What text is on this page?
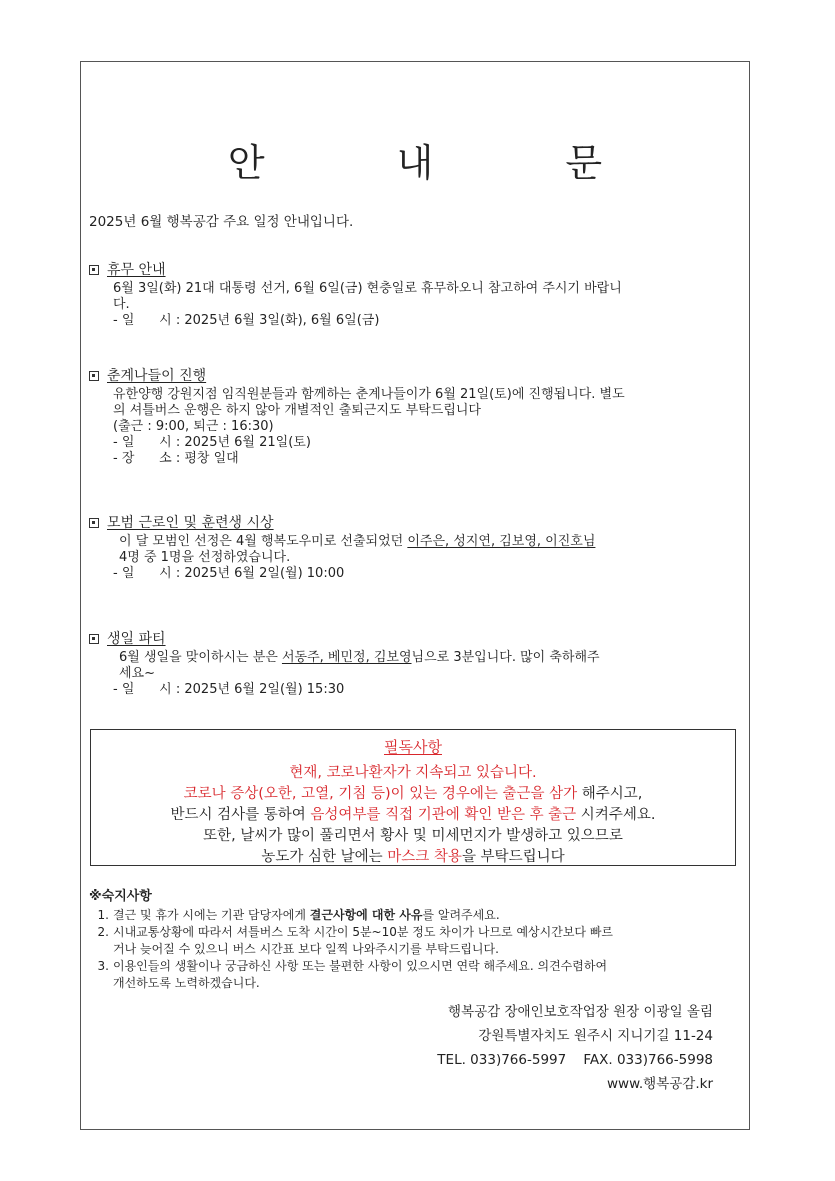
안 내 문
2025년 6월 행복공감 주요 일정 안내입니다.
휴무 안내
6월 3일(화) 21대 대통령 선거, 6월 6일(금) 현충일로 휴무하오니 참고하여 주시기 바랍니
다.
- 일      시 : 2025년 6월 3일(화), 6월 6일(금)
춘계나들이 진행
유한양행 강원지점 임직원분들과 함께하는 춘계나들이가 6월 21일(토)에 진행됩니다. 별도
의 셔틀버스 운행은 하지 않아 개별적인 출퇴근지도 부탁드립니다
(출근 : 9:00, 퇴근 : 16:30)
- 일      시 : 2025년 6월 21일(토)
- 장      소 : 평창 일대
모범 근로인 및 훈련생 시상
이 달 모범인 선정은 4월 행복도우미로 선출되었던 이주은, 성지연, 김보영, 이진호님
4명 중 1명을 선정하였습니다.
- 일      시 : 2025년 6월 2일(월) 10:00
생일 파티
6월 생일을 맞이하시는 분은 서동주, 베민정, 김보영님으로 3분입니다. 많이 축하해주
세요~
- 일      시 : 2025년 6월 2일(월) 15:30
필독사항
현재, 코로나환자가 지속되고 있습니다.
코로나 증상(오한, 고열, 기침 등)이 있는 경우에는 출근을 삼가 해주시고,
반드시 검사를 통하여 음성여부를 직접 기관에 확인 받은 후 출근 시켜주세요.
또한, 날씨가 많이 풀리면서 황사 및 미세먼지가 발생하고 있으므로
농도가 심한 날에는 마스크 착용을 부탁드립니다
※숙지사항
1. 결근 및 휴가 시에는 기관 담당자에게 결근사항에 대한 사유를 알려주세요.
2. 시내교통상황에 따라서 셔틀버스 도착 시간이 5분~10분 정도 차이가 나므로 예상시간보다 빠르
거나 늦어질 수 있으니 버스 시간표 보다 일찍 나와주시기를 부탁드립니다.
3. 이용인들의 생활이나 궁금하신 사항 또는 불편한 사항이 있으시면 연락 해주세요. 의견수렴하여
개선하도록 노력하겠습니다.
행복공감 장애인보호작업장 원장 이광일 올림
강원특별자치도 원주시 지니기길 11-24
TEL. 033)766-5997    FAX. 033)766-5998
www.행복공감.kr
